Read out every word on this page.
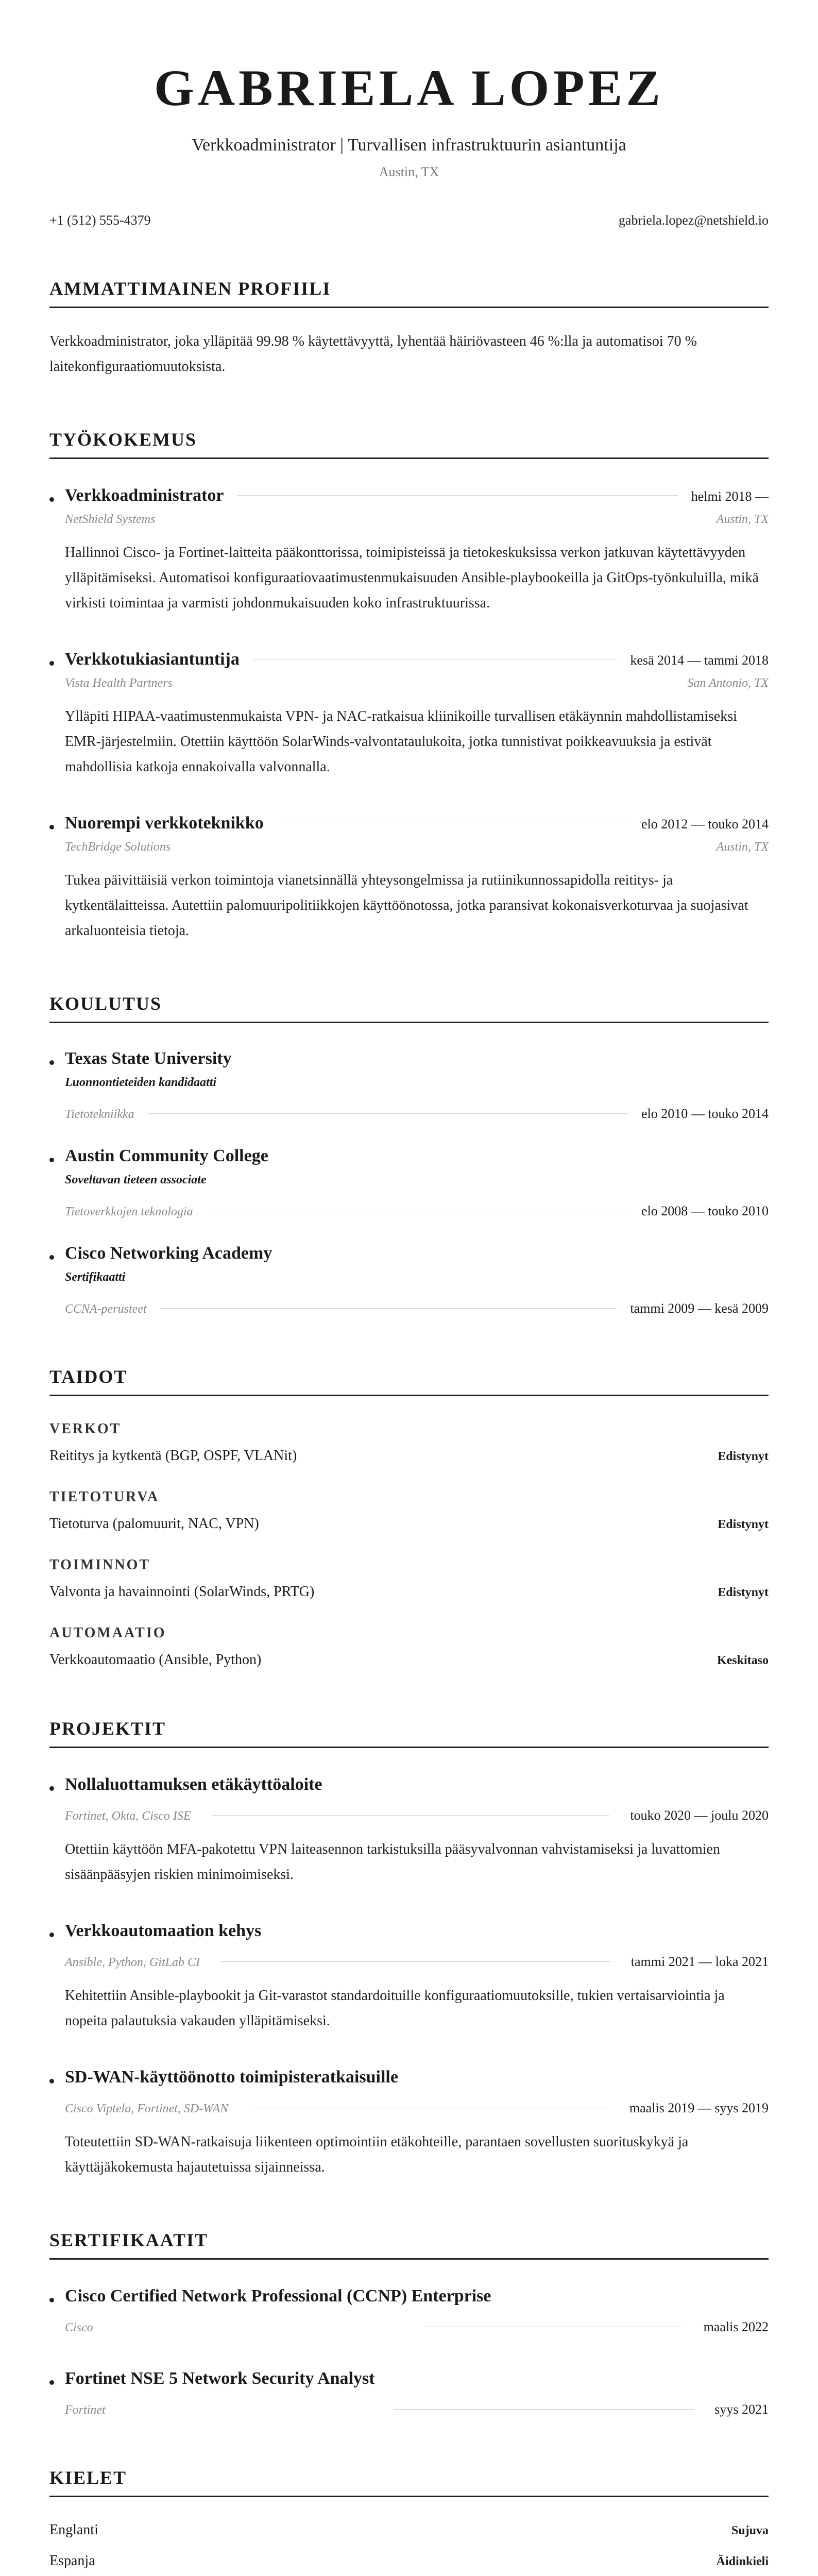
GABRIELA LOPEZ
Verkkoadministrator | Turvallisen infrastruktuurin asiantuntija
Austin, TX
+1 (512) 555-4379	gabriela.lopez@netshield.io
AMMATTIMAINEN PROFIILI
Verkkoadministrator, joka ylläpitää 99.98 % käytettävyyttä, lyhentää häiriövasteen 46 %:lla ja automatisoi 70 % laitekonfiguraatiomuutoksista.
TYÖKOKEMUS
Verkkoadministrator	helmi 2018 —
NetShield Systems	Austin, TX
Hallinnoi Cisco- ja Fortinet-laitteita pääkonttorissa, toimipisteissä ja tietokeskuksissa verkon jatkuvan käytettävyyden ylläpitämiseksi. Automatisoi konfiguraatiovaatimustenmukaisuuden Ansible-playbookeilla ja GitOps-työnkuluilla, mikä virkisti toimintaa ja varmisti johdonmukaisuuden koko infrastruktuurissa.
Verkkotukiasiantuntija	kesä 2014 — tammi 2018
Vista Health Partners	San Antonio, TX
Ylläpiti HIPAA-vaatimustenmukaista VPN- ja NAC-ratkaisua kliinikoille turvallisen etäkäynnin mahdollistamiseksi EMR-järjestelmiin. Otettiin käyttöön SolarWinds-valvontataulukoita, jotka tunnistivat poikkeavuuksia ja estivät mahdollisia katkoja ennakoivalla valvonnalla.
Nuorempi verkkoteknikko	elo 2012 — touko 2014
TechBridge Solutions	Austin, TX
Tukea päivittäisiä verkon toimintoja vianetsinnällä yhteysongelmissa ja rutiinikunnossapidolla reititys- ja kytkentälaitteissa. Autettiin palomuuripolitiikkojen käyttöönotossa, jotka paransivat kokonaisverkoturvaa ja suojasivat arkaluonteisia tietoja.
KOULUTUS
Texas State University
Luonnontieteiden kandidaatti
Tietotekniikka	elo 2010 — touko 2014
Austin Community College
Soveltavan tieteen associate
Tietoverkkojen teknologia	elo 2008 — touko 2010
Cisco Networking Academy
Sertifikaatti
CCNA-perusteet	tammi 2009 — kesä 2009
TAIDOT
VERKOT
Reititys ja kytkentä (BGP, OSPF, VLANit)	Edistynyt
TIETOTURVA
Tietoturva (palomuurit, NAC, VPN)	Edistynyt
TOIMINNOT
Valvonta ja havainnointi (SolarWinds, PRTG)	Edistynyt
AUTOMAATIO
Verkkoautomaatio (Ansible, Python)	Keskitaso
PROJEKTIT
Nollaluottamuksen etäkäyttöaloite
Fortinet, Okta, Cisco ISE	touko 2020 — joulu 2020
Otettiin käyttöön MFA-pakotettu VPN laiteasennon tarkistuksilla pääsyvalvonnan vahvistamiseksi ja luvattomien sisäänpääsyjen riskien minimoimiseksi.
Verkkoautomaation kehys
Ansible, Python, GitLab CI	tammi 2021 — loka 2021
Kehitettiin Ansible-playbookit ja Git-varastot standardoituille konfiguraatiomuutoksille, tukien vertaisarviointia ja nopeita palautuksia vakauden ylläpitämiseksi.
SD-WAN-käyttöönotto toimipisteratkaisuille
Cisco Viptela, Fortinet, SD-WAN	maalis 2019 — syys 2019
Toteutettiin SD-WAN-ratkaisuja liikenteen optimointiin etäkohteille, parantaen sovellusten suorituskykyä ja käyttäjäkokemusta hajautetuissa sijainneissa.
SERTIFIKAATIT
Cisco Certified Network Professional (CCNP) Enterprise
Cisco	maalis 2022
Fortinet NSE 5 Network Security Analyst
Fortinet	syys 2021
KIELET
Englanti	Sujuva
Espanja	Äidinkieli
